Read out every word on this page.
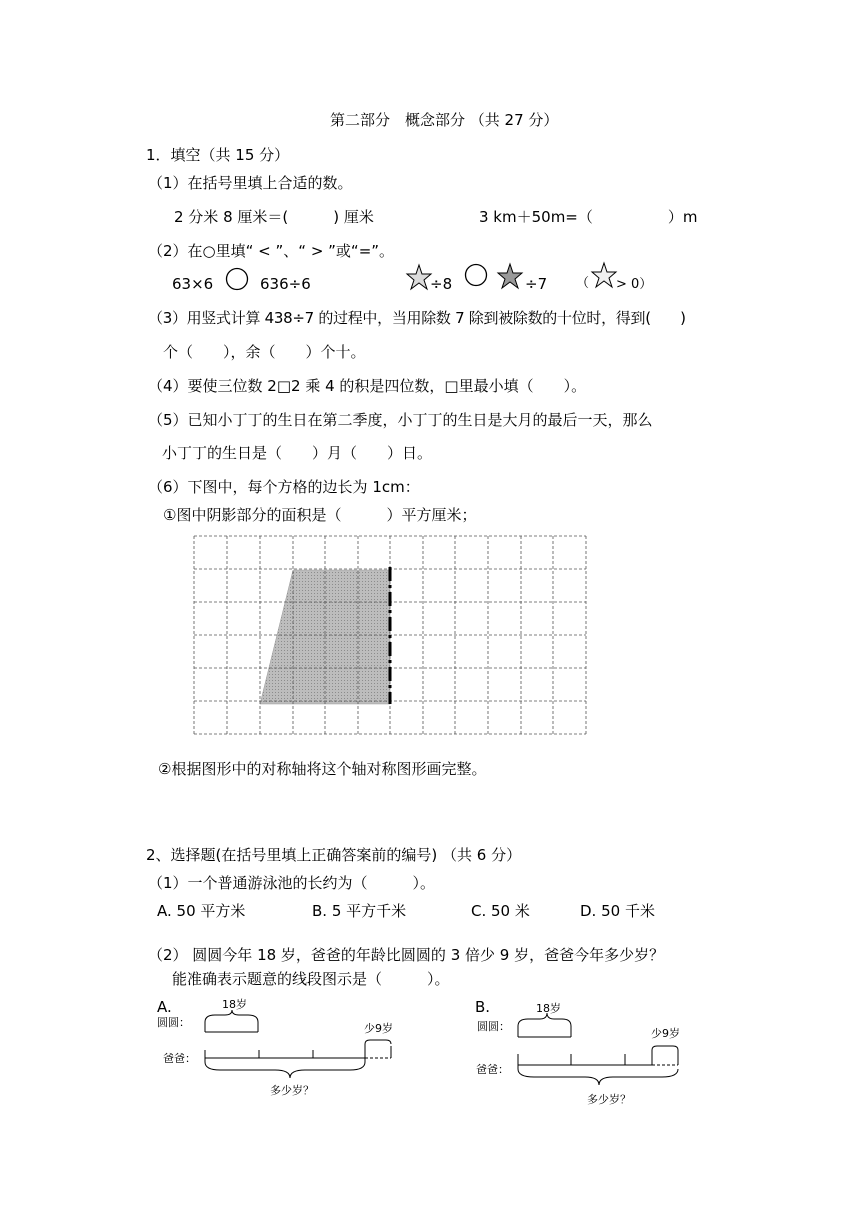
第二部分　概念部分 （共 27 分）
1．填空（共 15 分）
（1）在括号里填上合适的数。
2 分米 8 厘米＝(　　　) 厘米	3 km＋50m=（　　　　　）m
（2）在○里填“ < ”、“ > ”或“=”。
63×6	636÷6	÷8	÷7 （ > 0）
（3）用竖式计算 438÷7 的过程中，当用除数 7 除到被除数的十位时，得到(　　)
个（　　），余（　　）个十。
（4）要使三位数 2□2 乘 4 的积是四位数，□里最小填（　　）。
（5）已知小丁丁的生日在第二季度，小丁丁的生日是大月的最后一天，那么
小丁丁的生日是（　　）月（　　）日。
（6）下图中，每个方格的边长为 1cm：
①图中阴影部分的面积是（　　　）平方厘米；
②根据图形中的对称轴将这个轴对称图形画完整。
2、选择题(在括号里填上正确答案前的编号) （共 6 分）
（1）一个普通游泳池的长约为（　　　）。
A. 50 平方米	B. 5 平方千米	C. 50 米	D. 50 千米
（2） 圆圆今年 18 岁，爸爸的年龄比圆圆的 3 倍少 9 岁，爸爸今年多少岁？
能准确表示题意的线段图示是（　　　）。
A.	18岁
圆圆：	少9岁
爸爸：
多少岁？
B.	18岁
圆圆：
少9岁
爸爸：
多少岁？
